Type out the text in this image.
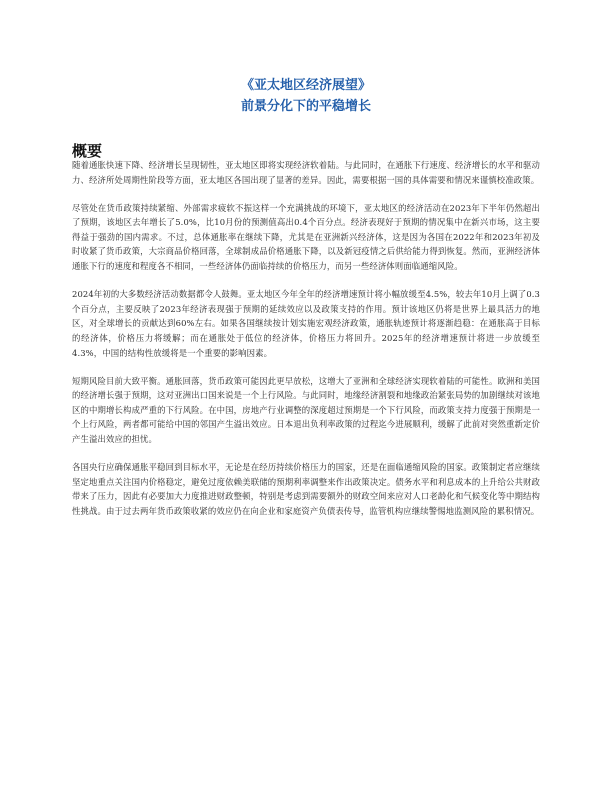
《亚太地区经济展望》
前景分化下的平稳增长
概要

随着通胀快速下降、经济增长呈现韧性，亚太地区即将实现经济软着陆。与此同时，在通胀下行速度、经济增长的水平和驱动力、经济所处周期性阶段等方面，亚太地区各国出现了显著的差异。因此，需要根据一国的具体需要和情况来谨慎校准政策。

尽管处在货币政策持续紧缩、外部需求疲软不振这样一个充满挑战的环境下，亚太地区的经济活动在2023年下半年仍然超出了预期，该地区去年增长了5.0%，比10月份的预测值高出0.4个百分点。经济表现好于预期的情况集中在新兴市场，这主要得益于强劲的国内需求。不过，总体通胀率在继续下降，尤其是在亚洲新兴经济体，这是因为各国在2022年和2023年初及时收紧了货币政策，大宗商品价格回落，全球制成品价格通胀下降，以及新冠疫情之后供给能力得到恢复。然而，亚洲经济体通胀下行的速度和程度各不相同，一些经济体仍面临持续的价格压力，而另一些经济体则面临通缩风险。

2024年初的大多数经济活动数据都令人鼓舞。亚太地区今年全年的经济增速预计将小幅放缓至4.5%，较去年10月上调了0.3个百分点，主要反映了2023年经济表现强于预期的延续效应以及政策支持的作用。预计该地区仍将是世界上最具活力的地区，对全球增长的贡献达到60%左右。如果各国继续按计划实施宏观经济政策，通胀轨迹预计将逐渐趋稳：在通胀高于目标的经济体，价格压力将缓解；而在通胀处于低位的经济体，价格压力将回升。2025年的经济增速预计将进一步放缓至4.3%，中国的结构性放缓将是一个重要的影响因素。

短期风险目前大致平衡。通胀回落，货币政策可能因此更早放松，这增大了亚洲和全球经济实现软着陆的可能性。欧洲和美国的经济增长强于预期，这对亚洲出口国来说是一个上行风险。与此同时，地缘经济割裂和地缘政治紧张局势的加剧继续对该地区的中期增长构成严重的下行风险。在中国，房地产行业调整的深度超过预期是一个下行风险，而政策支持力度强于预期是一个上行风险，两者都可能给中国的邻国产生溢出效应。日本退出负利率政策的过程迄今进展顺利，缓解了此前对突然重新定价产生溢出效应的担忧。

各国央行应确保通胀平稳回到目标水平，无论是在经历持续价格压力的国家，还是在面临通缩风险的国家。政策制定者应继续坚定地重点关注国内价格稳定，避免过度依赖美联储的预期利率调整来作出政策决定。债务水平和利息成本的上升给公共财政带来了压力，因此有必要加大力度推进财政整顿，特别是考虑到需要额外的财政空间来应对人口老龄化和气候变化等中期结构性挑战。由于过去两年货币政策收紧的效应仍在向企业和家庭资产负债表传导，监管机构应继续警惕地监测风险的累积情况。
